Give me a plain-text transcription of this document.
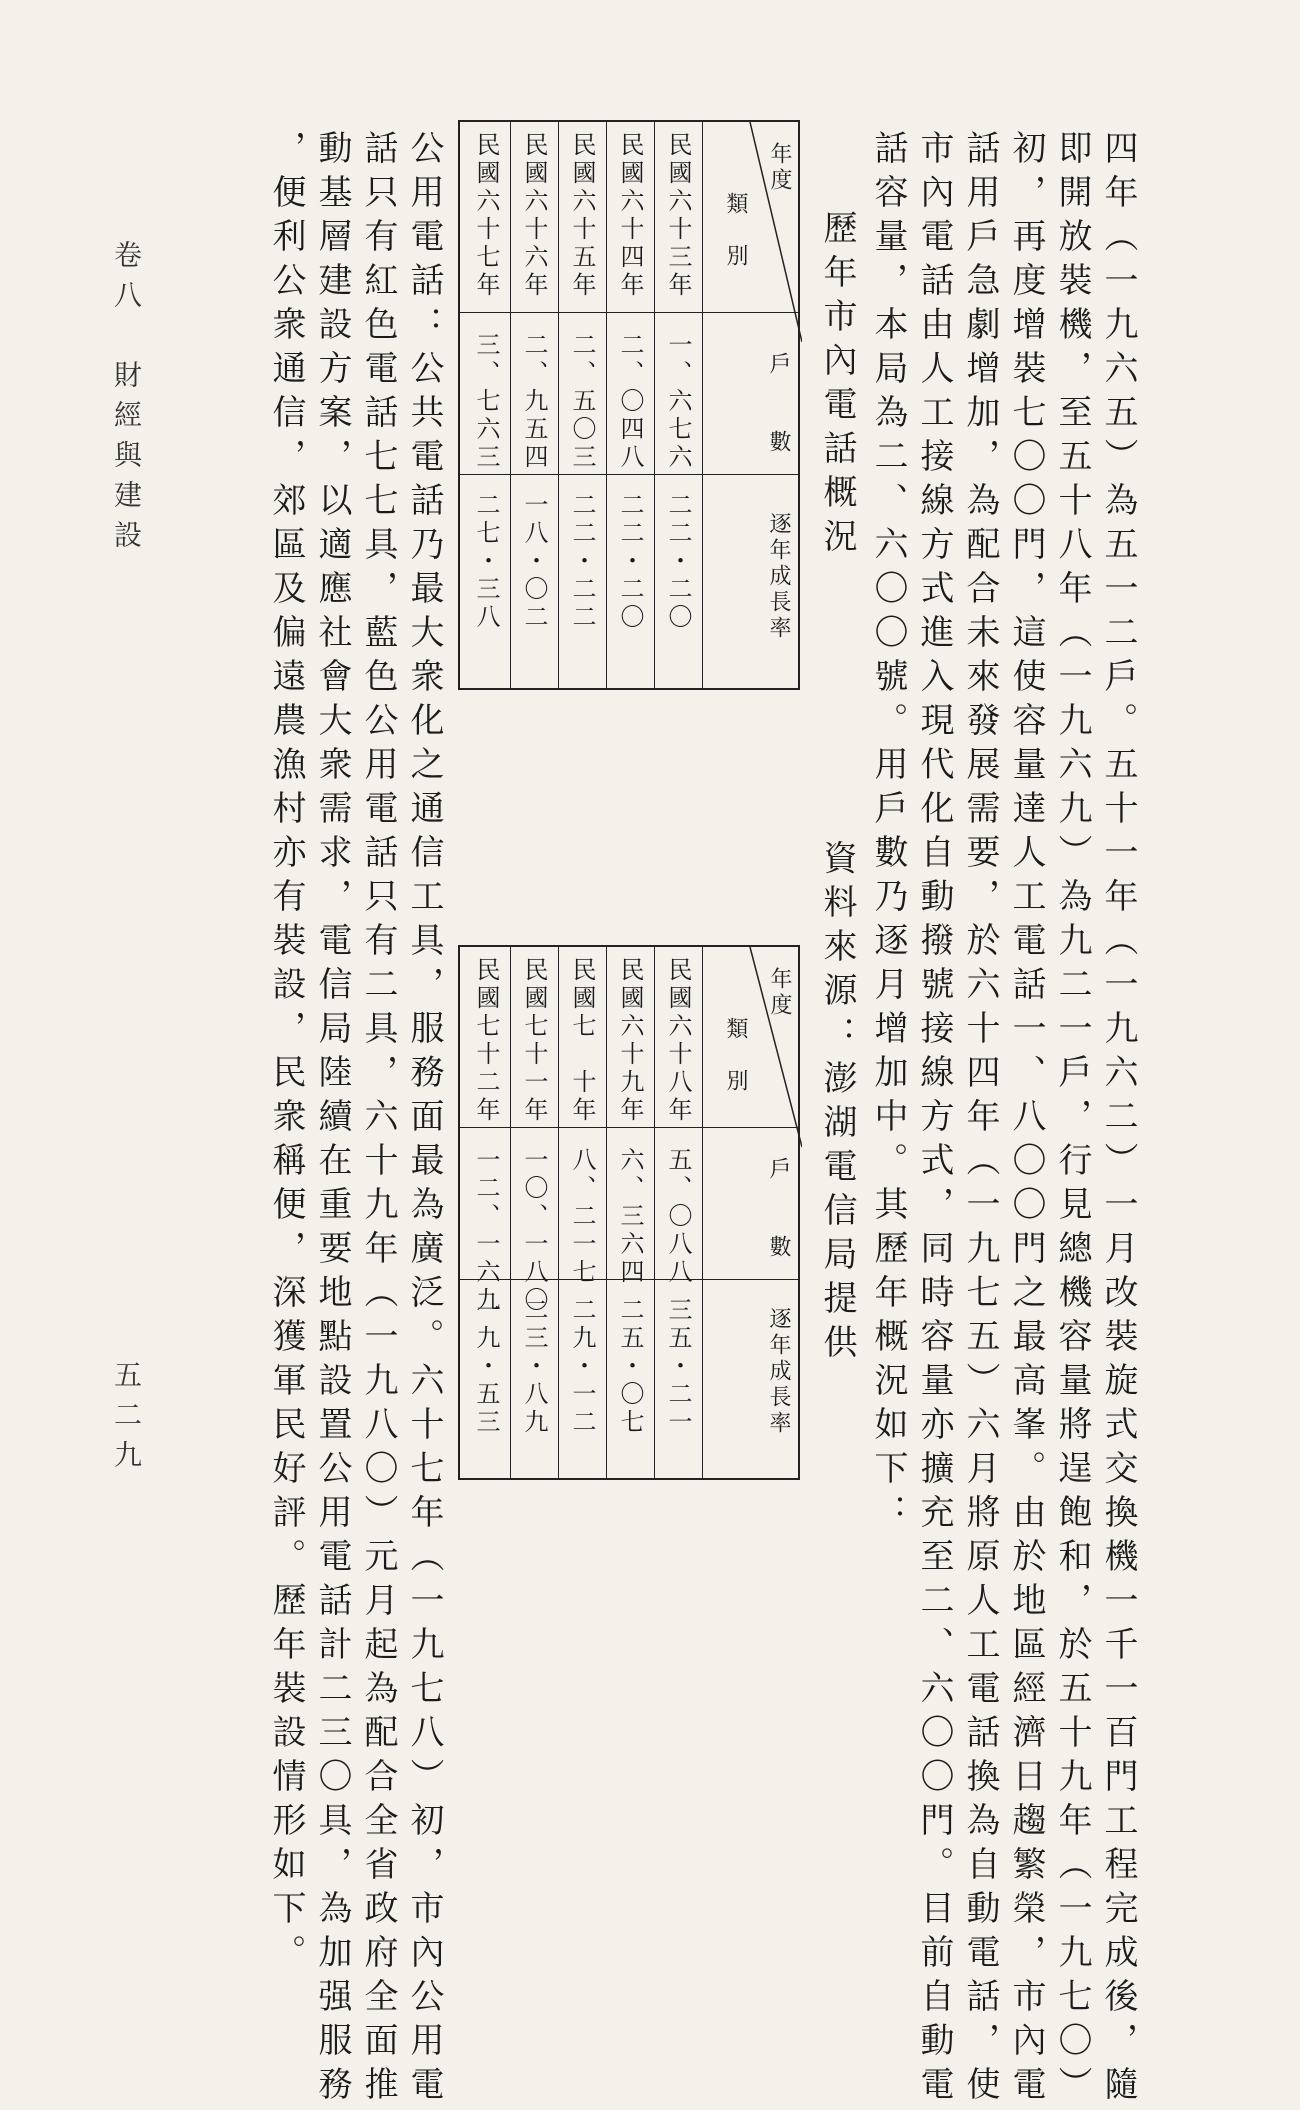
四年（一九六五）為五一二戶。五十一年（一九六二）一月改裝旋式交換機一千一百門工程完成後，隨
即開放裝機，至五十八年（一九六九）為九二一戶，行見總機容量將逞飽和，於五十九年（一九七〇）
初，再度增裝七〇〇門，這使容量達人工電話一、八〇〇門之最高峯。由於地區經濟日趨繁榮，市內電
話用戶急劇增加，為配合未來發展需要，於六十四年（一九七五）六月將原人工電話換為自動電話，使
市內電話由人工接線方式進入現代化自動撥號接線方式，同時容量亦擴充至二、六〇〇門。目前自動電
話容量，本局為二、六〇〇號。用戶數乃逐月增加中。其歷年概況如下：
歷年市內電話概況
資料來源：澎湖電信局提供
類　別
年度
戶　　數
逐年成長率
民國六十三年
一、六七六
二二・二〇
民國六十四年
二、〇四八
二二・二〇
民國六十五年
二、五〇三
二二・二二
民國六十六年
二、九五四
一八・〇二
民國六十七年
三、七六三
二七・三八
類　別
年度
戶　　數
逐年成長率
民國六十八年
五、〇八八
三五・二一
民國六十九年
六、三六四
二五・〇七
民國七　十年
八、二一七
二九・一二
民國七十一年
一〇、一八〇
二三・八九
民國七十二年
一二、一六九
一九・五三
公用電話：公共電話乃最大衆化之通信工具，服務面最為廣泛。六十七年（一九七八）初，市內公用電
話只有紅色電話七七具，藍色公用電話只有二具，六十九年（一九八〇）元月起為配合全省政府全面推
動基層建設方案，以適應社會大衆需求，電信局陸續在重要地點設置公用電話計二三〇具，為加强服務
，便利公衆通信，郊區及偏遠農漁村亦有裝設，民衆稱便，深獲軍民好評。歷年裝設情形如下。
卷八　財經與建設
五二九
